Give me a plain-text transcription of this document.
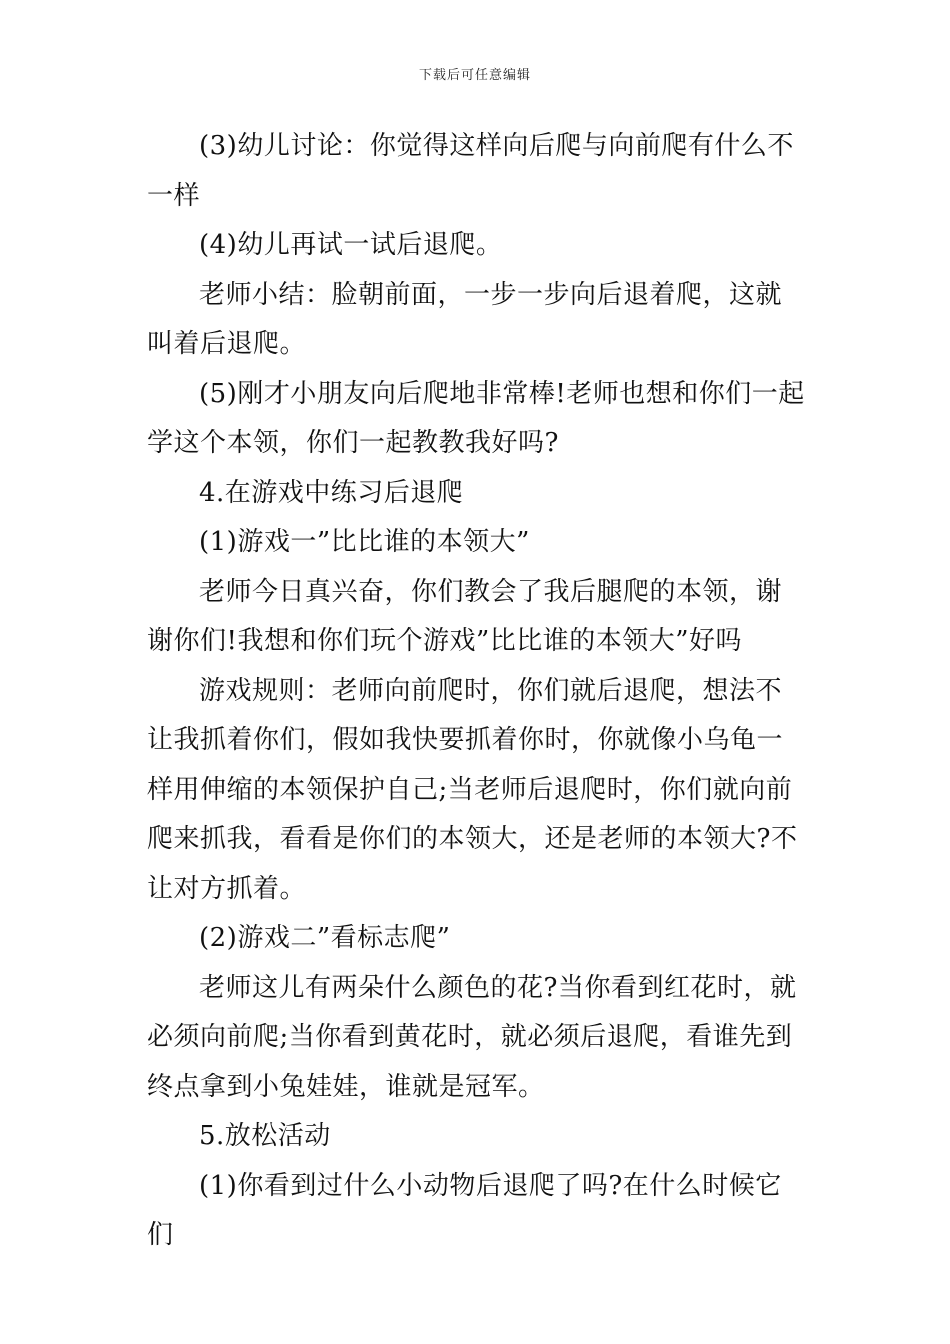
下载后可任意编辑

(3)幼儿讨论：你觉得这样向后爬与向前爬有什么不一样

(4)幼儿再试一试后退爬。

老师小结：脸朝前面，一步一步向后退着爬，这就叫着后退爬。

(5)刚才小朋友向后爬地非常棒!老师也想和你们一起学这个本领，你们一起教教我好吗?

4.在游戏中练习后退爬

(1)游戏一”比比谁的本领大”

老师今日真兴奋，你们教会了我后腿爬的本领，谢谢你们!我想和你们玩个游戏”比比谁的本领大”好吗

游戏规则：老师向前爬时，你们就后退爬，想法不让我抓着你们，假如我快要抓着你时，你就像小乌龟一样用伸缩的本领保护自己;当老师后退爬时，你们就向前爬来抓我，看看是你们的本领大，还是老师的本领大?不让对方抓着。

(2)游戏二”看标志爬”

老师这儿有两朵什么颜色的花?当你看到红花时，就必须向前爬;当你看到黄花时，就必须后退爬，看谁先到终点拿到小兔娃娃，谁就是冠军。

5.放松活动

(1)你看到过什么小动物后退爬了吗?在什么时候它们
